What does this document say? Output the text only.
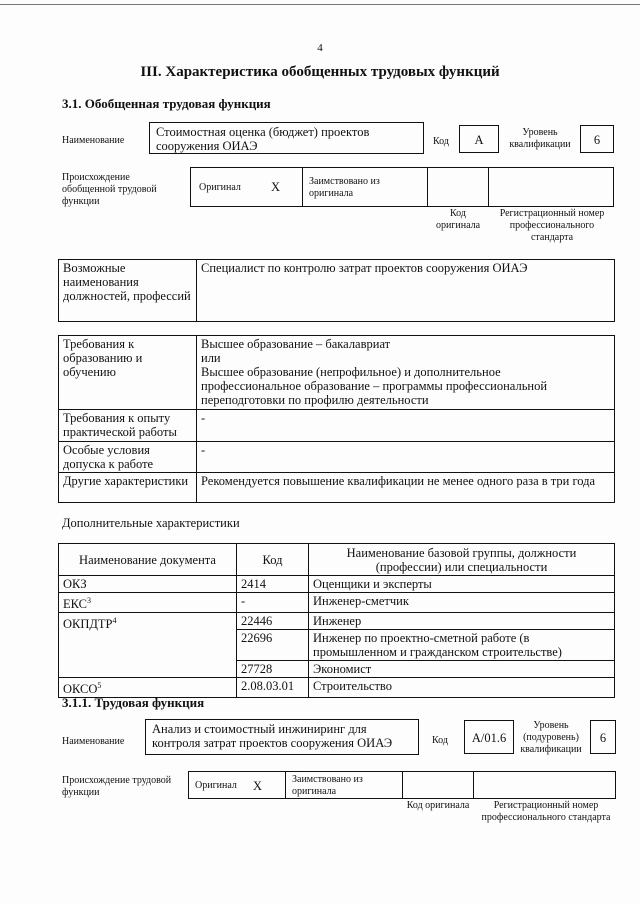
4
III. Характеристика обобщенных трудовых функций
3.1. Обобщенная трудовая функция
Наименование
Стоимостная оценка (бюджет) проектов сооружения ОИАЭ	Код	A
Уровень квалификации	6
Происхождение обобщенной трудовой функции
Оригинал X	Заимствовано из оригинала
Код оригинала
Регистрационный номер профессионального стандарта
Возможные наименования должностей, профессий	Специалист по контролю затрат проектов сооружения ОИАЭ
Требования к образованию и обучению	Высшее образование – бакалавриат
или
Высшее образование (непрофильное) и дополнительное
профессиональное образование – программы профессиональной
переподготовки по профилю деятельности

Требования к опыту практической работы	-
Особые условия допуска к работе	-
Другие характеристики	Рекомендуется повышение квалификации не менее одного раза в три года
Дополнительные характеристики
Наименование документа	Код	Наименование базовой группы, должности (профессии) или специальности
ОКЗ	2414	Оценщики и эксперты
ЕКС$^3$	-	Инженер-сметчик
ОКПДТР$^4$	22446	Инженер
	22696	Инженер по проектно-сметной работе (в промышленном и гражданском строительстве)
	27728	Экономист
ОКСО$^5$	2.08.03.01	Строительство
3.1.1. Трудовая функция
Наименование
Анализ и стоимостный инжиниринг для контроля затрат проектов сооружения ОИАЭ	Код	A/01.6
Уровень (подуровень) квалификации
6
Происхождение трудовой функции
Оригинал X	Заимствовано из оригинала
Код оригинала	Регистрационный номер профессионального стандарта
